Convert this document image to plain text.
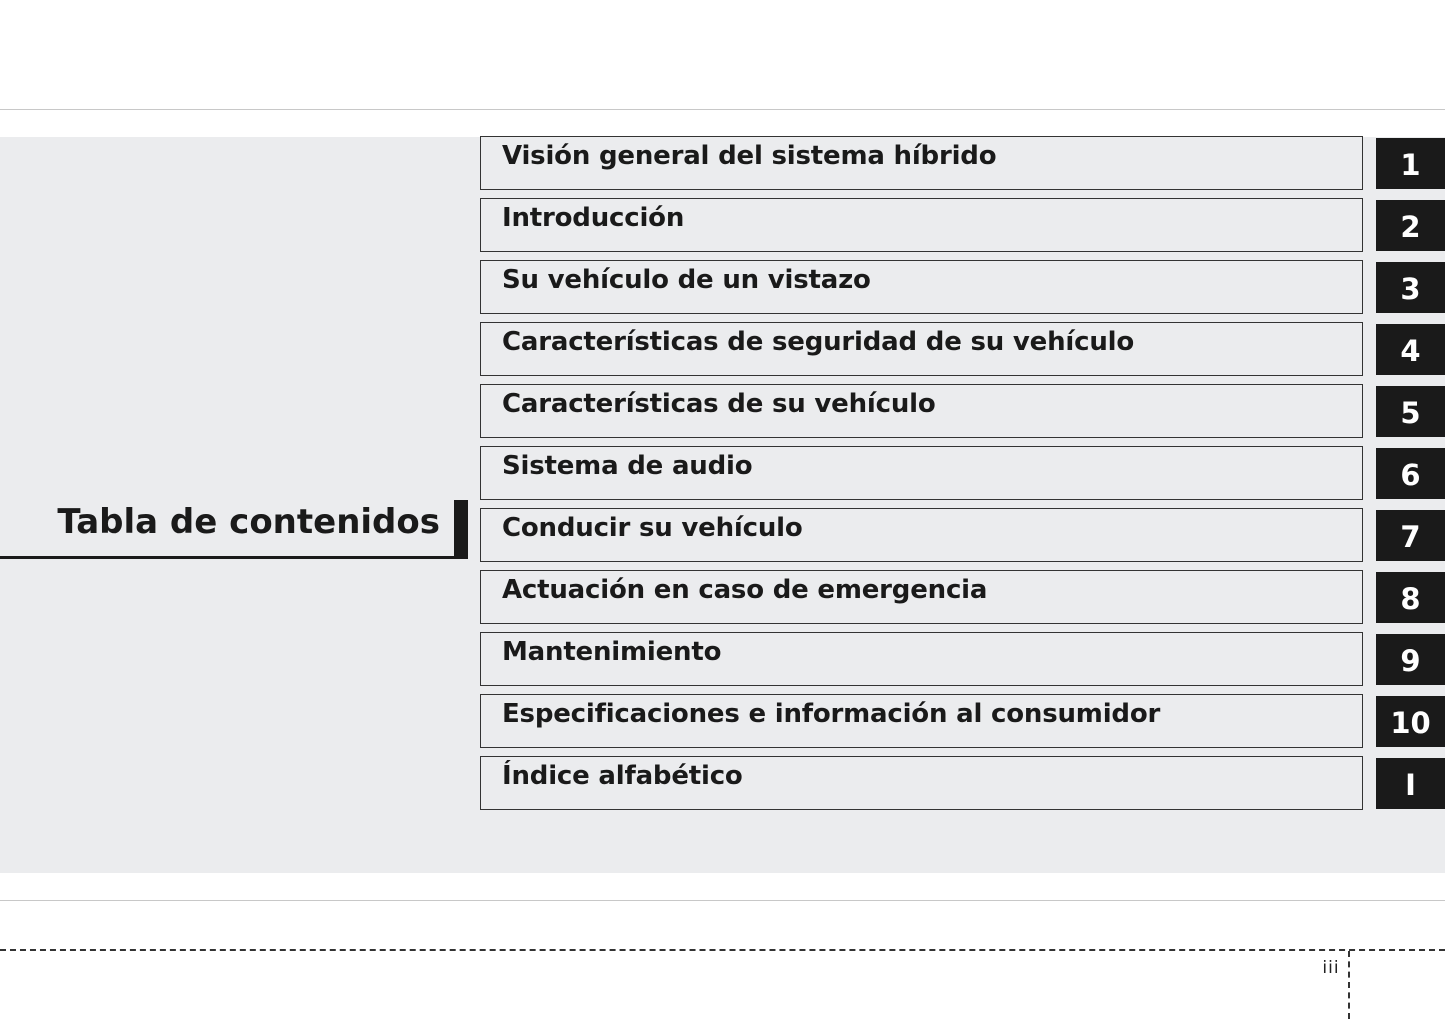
iii
Tabla de contenidos
Visión general del sistema híbrido	1
Introducción	2
Su vehículo de un vistazo	3
Características de seguridad de su vehículo	4
Características de su vehículo	5
Sistema de audio	6
Conducir su vehículo	7
Actuación en caso de emergencia	8
Mantenimiento	9
Especificaciones e información al consumidor	10
Índice alfabético	I
